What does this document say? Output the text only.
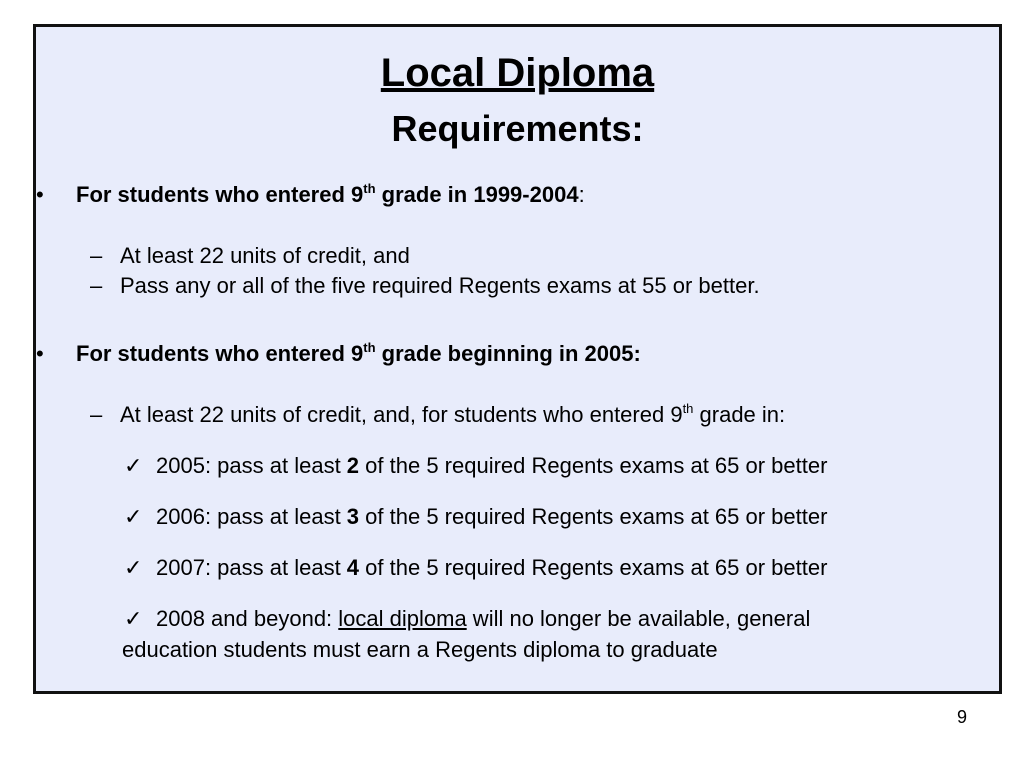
Local Diploma
Requirements:
• For students who entered 9th grade in 1999-2004:
– At least 22 units of credit, and
– Pass any or all of the five required Regents exams at 55 or better.
• For students who entered 9th grade beginning in 2005:
– At least 22 units of credit, and, for students who entered 9th grade in:
✓ 2005: pass at least 2 of the 5 required Regents exams at 65 or better
✓ 2006: pass at least 3 of the 5 required Regents exams at 65 or better
✓ 2007: pass at least 4 of the 5 required Regents exams at 65 or better
✓ 2008 and beyond: local diploma will no longer be available, general
education students must earn a Regents diploma to graduate
9
